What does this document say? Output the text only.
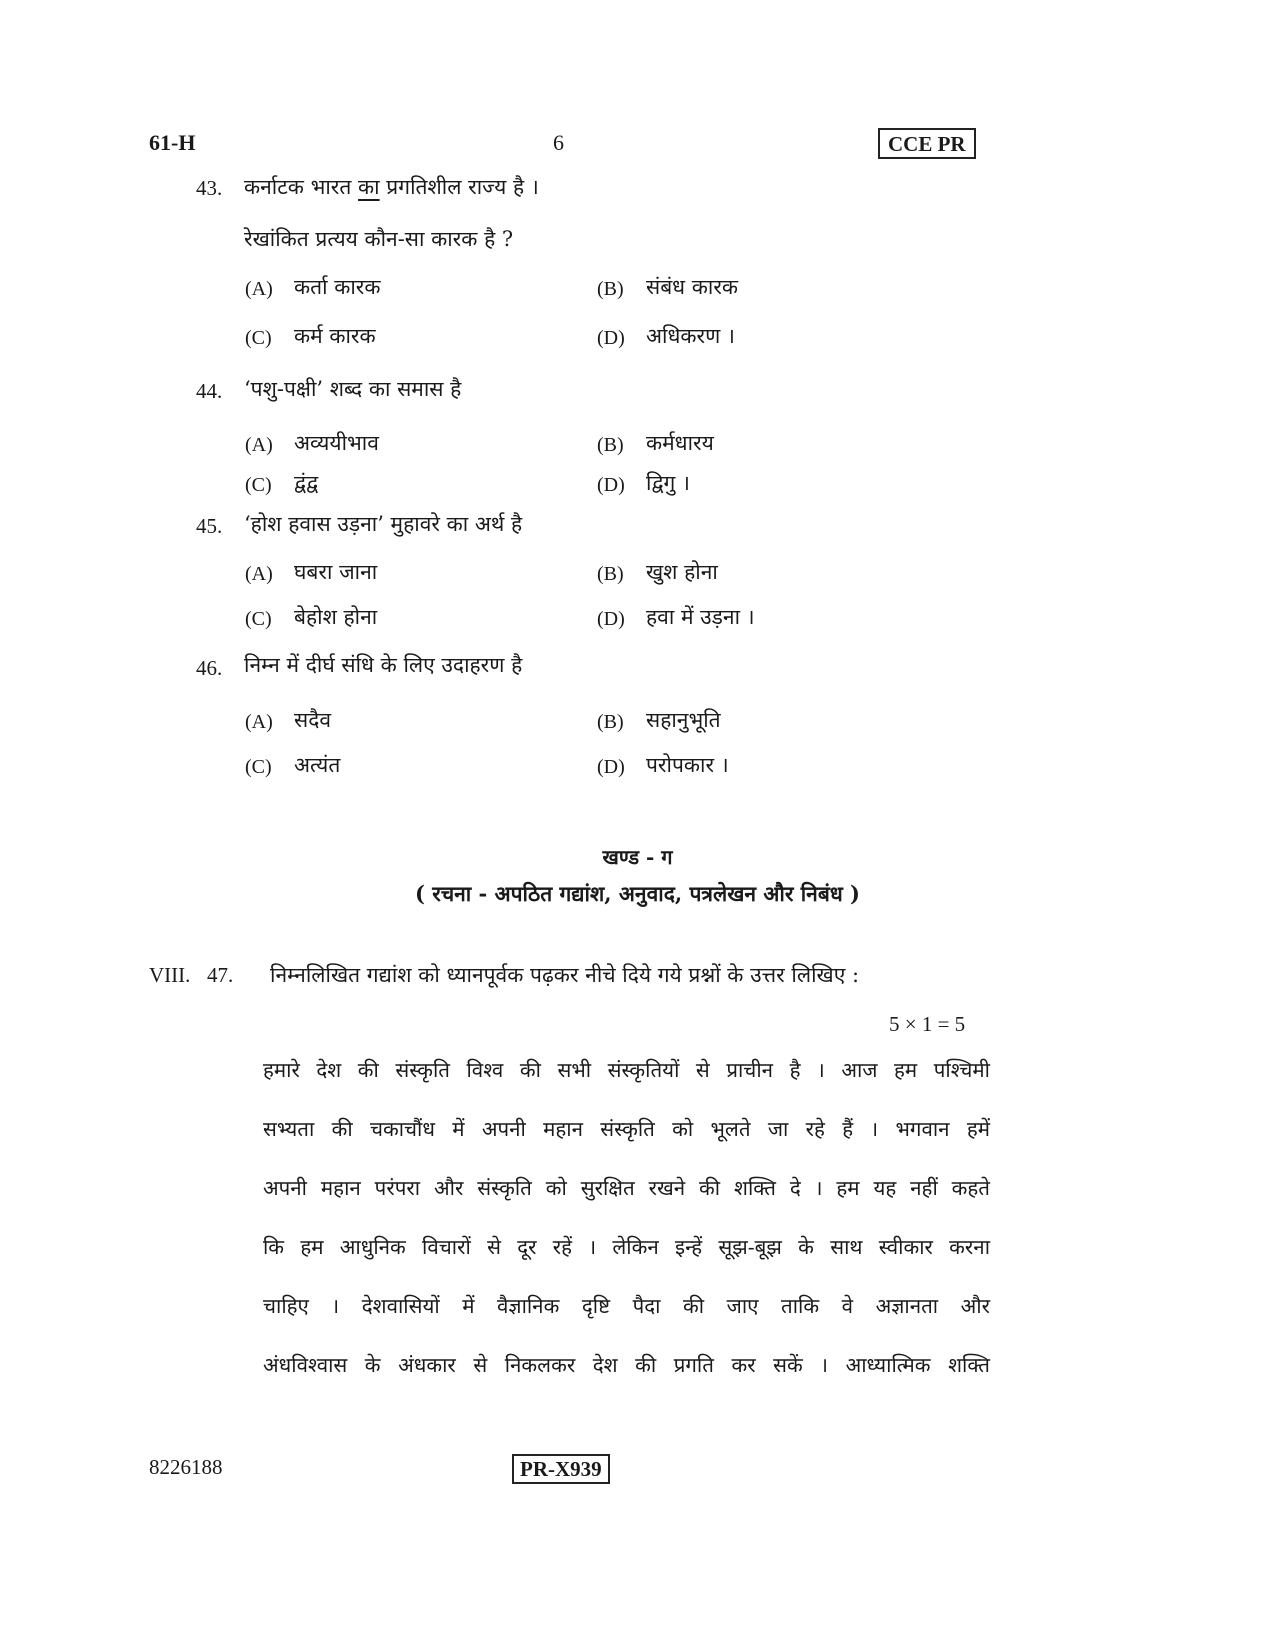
61-H	6	CCE PR
43. कर्नाटक भारत का प्रगतिशील राज्य है ।
रेखांकित प्रत्यय कौन-सा कारक है ?
(A) कर्ता कारक	(B) संबंध कारक
(C) कर्म कारक	(D) अधिकरण ।
44. ‘पशु-पक्षी’ शब्द का समास है
(A) अव्ययीभाव	(B) कर्मधारय
(C) द्वंद्व	(D) द्विगु ।
45. ‘होश हवास उड़ना’ मुहावरे का अर्थ है
(A) घबरा जाना	(B) खुश होना
(C) बेहोश होना	(D) हवा में उड़ना ।
46. निम्न में दीर्घ संधि के लिए उदाहरण है
(A) सदैव	(B) सहानुभूति
(C) अत्यंत	(D) परोपकार ।
खण्ड - ग
( रचना - अपठित गद्यांश, अनुवाद, पत्रलेखन और निबंध )
VIII. 47. निम्नलिखित गद्यांश को ध्यानपूर्वक पढ़कर नीचे दिये गये प्रश्नों के उत्तर लिखिए :
5 × 1 = 5
हमारे देश की संस्कृति विश्व की सभी संस्कृतियों से प्राचीन है । आज हम पश्चिमी
सभ्यता की चकाचौंध में अपनी महान संस्कृति को भूलते जा रहे हैं । भगवान हमें
अपनी महान परंपरा और संस्कृति को सुरक्षित रखने की शक्ति दे । हम यह नहीं कहते
कि हम आधुनिक विचारों से दूर रहें । लेकिन इन्हें सूझ-बूझ के साथ स्वीकार करना
चाहिए । देशवासियों में वैज्ञानिक दृष्टि पैदा की जाए ताकि वे अज्ञानता और
अंधविश्वास के अंधकार से निकलकर देश की प्रगति कर सकें । आध्यात्मिक शक्ति
8226188	PR-X939
